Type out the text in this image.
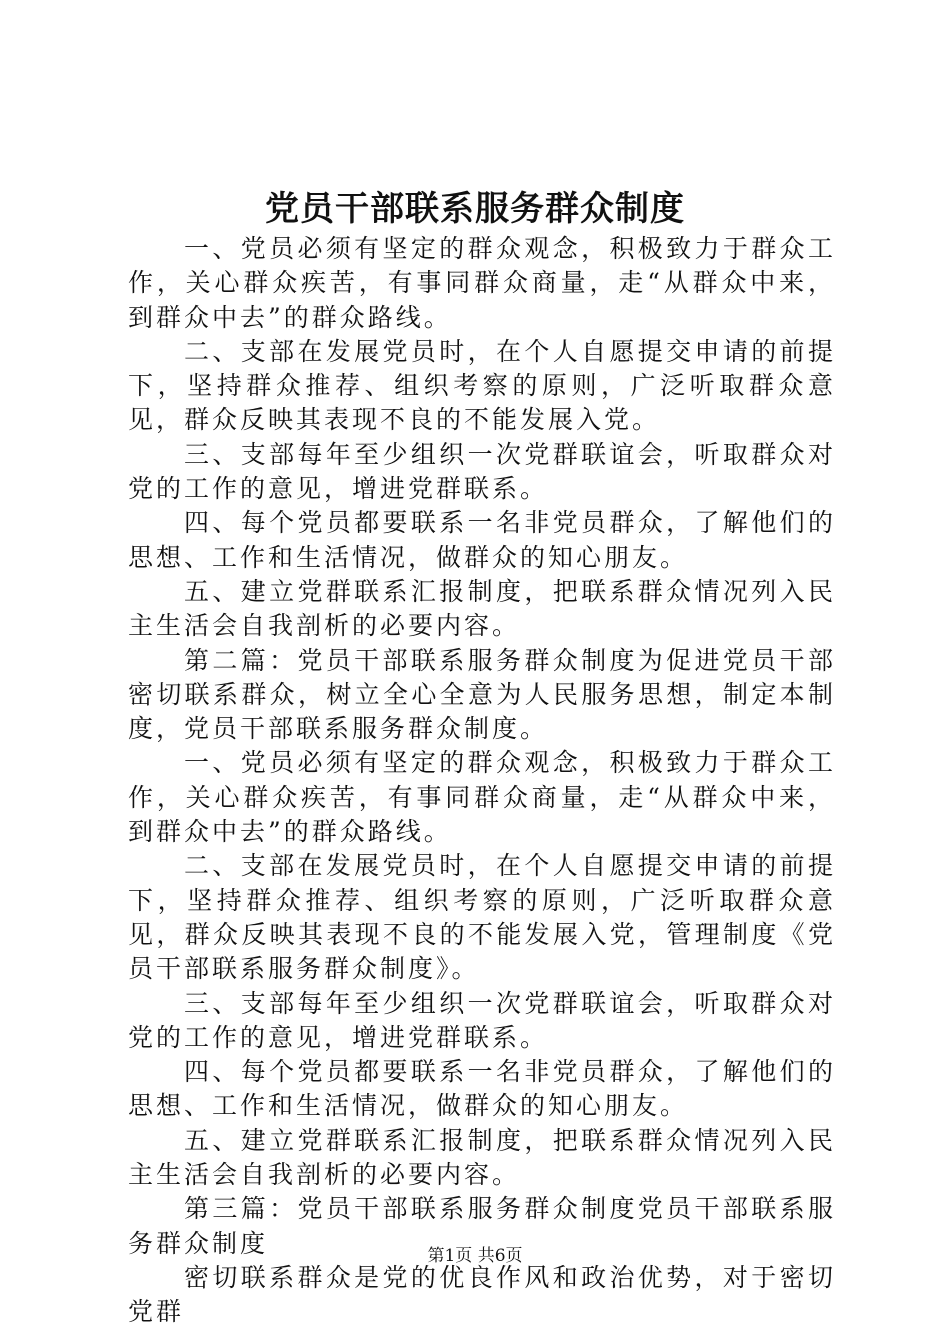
党员干部联系服务群众制度

一、党员必须有坚定的群众观念，积极致力于群众工作，关心群众疾苦，有事同群众商量，走“从群众中来，到群众中去”的群众路线。

二、支部在发展党员时，在个人自愿提交申请的前提下，坚持群众推荐、组织考察的原则，广泛听取群众意见，群众反映其表现不良的不能发展入党。

三、支部每年至少组织一次党群联谊会，听取群众对党的工作的意见，增进党群联系。

四、每个党员都要联系一名非党员群众，了解他们的思想、工作和生活情况，做群众的知心朋友。

五、建立党群联系汇报制度，把联系群众情况列入民主生活会自我剖析的必要内容。

第二篇：党员干部联系服务群众制度为促进党员干部密切联系群众，树立全心全意为人民服务思想，制定本制度，党员干部联系服务群众制度。

一、党员必须有坚定的群众观念，积极致力于群众工作，关心群众疾苦，有事同群众商量，走“从群众中来，到群众中去”的群众路线。

二、支部在发展党员时，在个人自愿提交申请的前提下，坚持群众推荐、组织考察的原则，广泛听取群众意见，群众反映其表现不良的不能发展入党，管理制度《党员干部联系服务群众制度》。

三、支部每年至少组织一次党群联谊会，听取群众对党的工作的意见，增进党群联系。

四、每个党员都要联系一名非党员群众，了解他们的思想、工作和生活情况，做群众的知心朋友。

五、建立党群联系汇报制度，把联系群众情况列入民主生活会自我剖析的必要内容。

第三篇：党员干部联系服务群众制度党员干部联系服务群众制度

密切联系群众是党的优良作风和政治优势，对于密切党群

第1页 共6页
